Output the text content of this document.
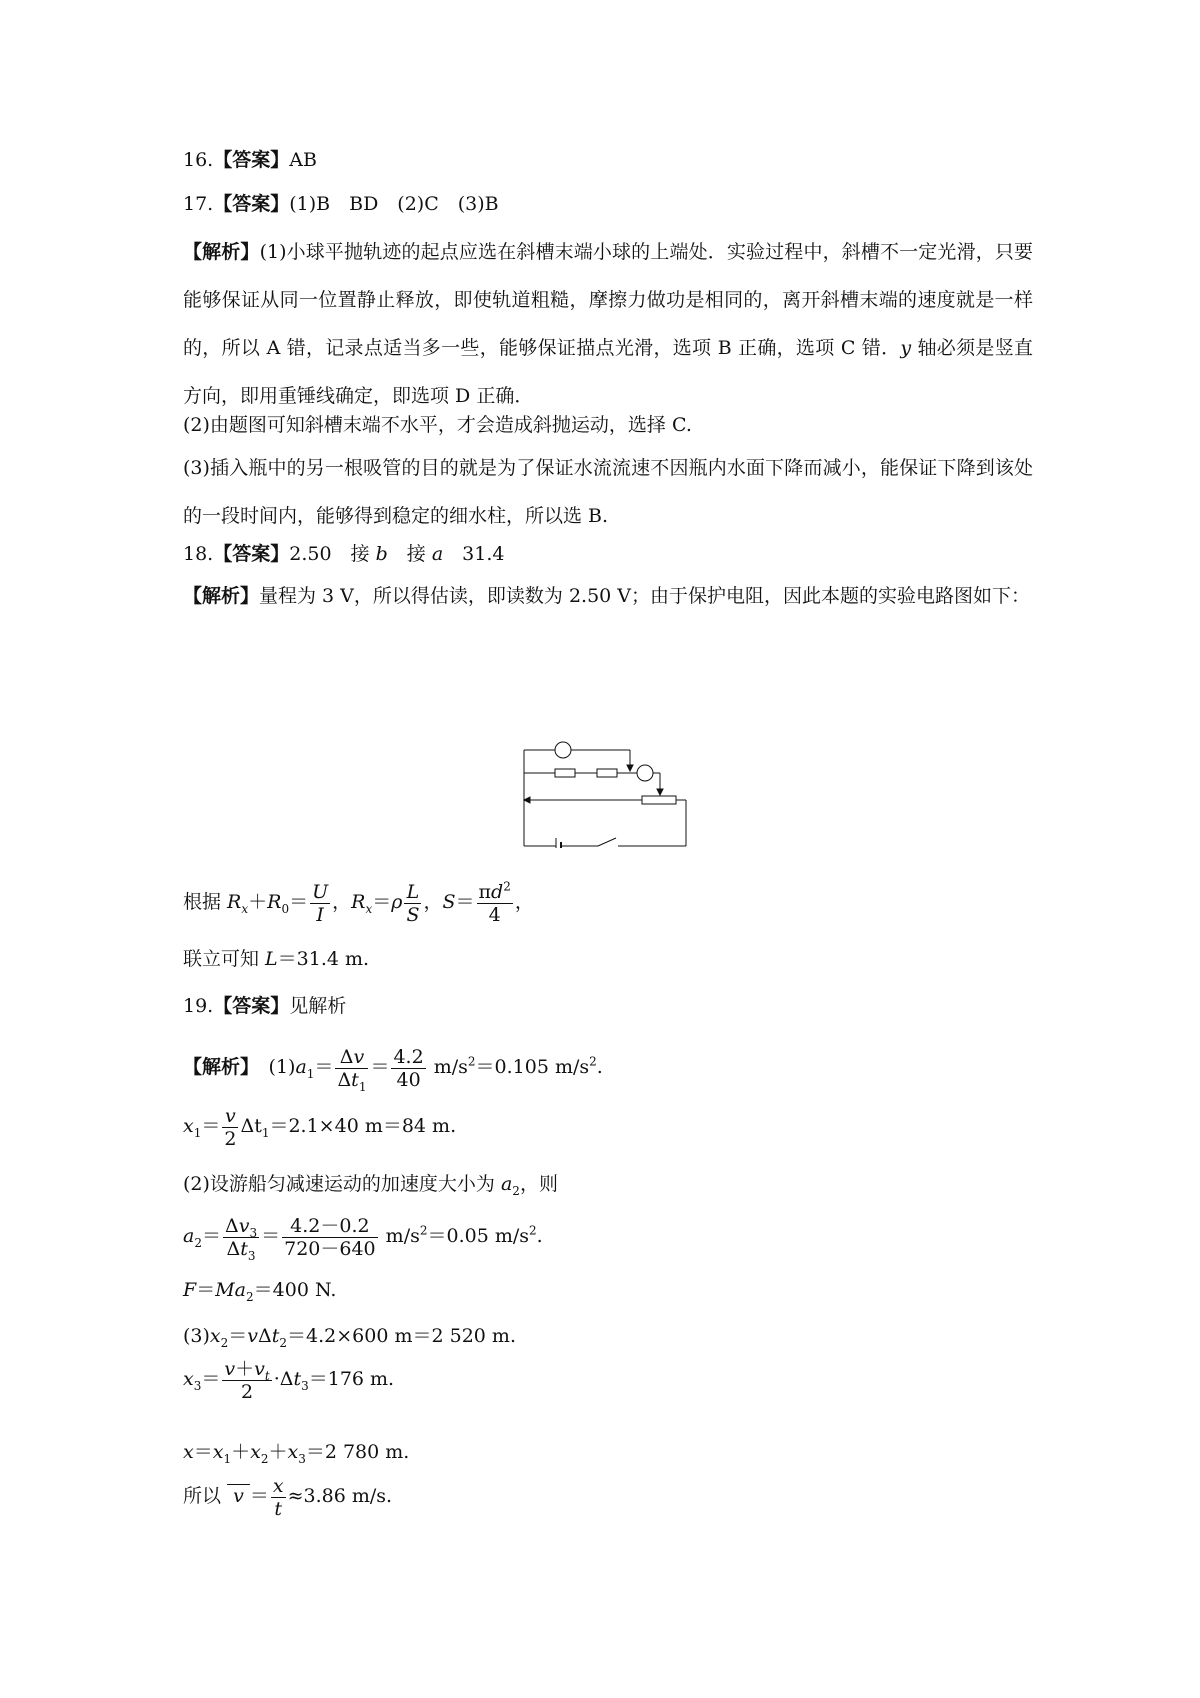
16.【答案】AB
17.【答案】(1)B　BD　(2)C　(3)B
【解析】(1)小球平抛轨迹的起点应选在斜槽末端小球的上端处．实验过程中，斜槽不一定光滑，只要能够保证从同一位置静止释放，即使轨道粗糙，摩擦力做功是相同的，离开斜槽末端的速度就是一样的，所以 A 错，记录点适当多一些，能够保证描点光滑，选项 B 正确，选项 C 错．y 轴必须是竖直方向，即用重锤线确定，即选项 D 正确．
(2)由题图可知斜槽末端不水平，才会造成斜抛运动，选择 C.
(3)插入瓶中的另一根吸管的目的就是为了保证水流流速不因瓶内水面下降而减小，能保证下降到该处的一段时间内，能够得到稳定的细水柱，所以选 B.
18.【答案】2.50　接 b　接 a　31.4
【解析】量程为 3 V，所以得估读，即读数为 2.50 V；由于保护电阻，因此本题的实验电路图如下：
根据 $R_x+R_0= \frac{U}{I}$ ，$R_x=\rho \frac{L}{S}$ ，$S= \frac{\pi d^2}{4}$ ，
联立可知 L＝31.4 m.
19.【答案】见解析
【解析】　 $(1)a_1= \frac{\Delta v}{\Delta t_1} = \frac{4.2}{40} m/s^2=0.105$ $m/s^2$.
$x_1= \frac{v}{2} \Delta t_1=2.1\times 40$ m＝84 m.
(2)设游船匀减速运动的加速度大小为 $a_2$，则
$a_2= \frac{\Delta v_3}{\Delta t_3} = \frac{4.2-0.2}{720-640} m/s^2=0.05$ $m/s^2$.
$F=Ma_2=400$ N.
$(3)x_2=v\Delta t_2=4.2\times 600$ m＝2 520 m.
$x_3= \frac{v+v_t}{2} \cdot\Delta t_3=176$ m.
$x=x_1+x_2+x_3=2$ 780 m.
所以  $v = \frac{x}{t} \approx 3.86$ m/s.
